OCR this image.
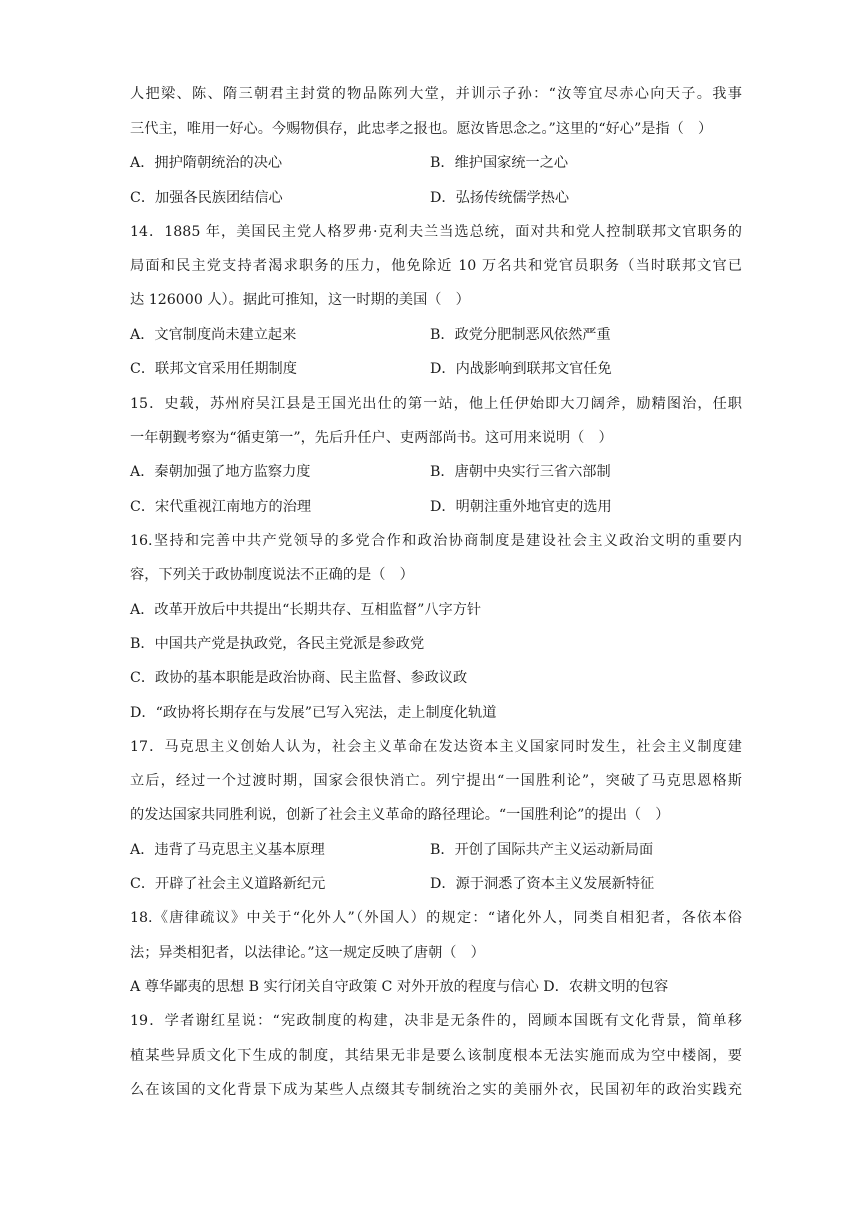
人把梁、陈、隋三朝君主封赏的物品陈列大堂，并训示子孙：“汝等宜尽赤心向天子。我事
三代主，唯用一好心。今赐物俱存，此忠孝之报也。愿汝皆思念之。”这里的“好心”是指（　）
A．拥护隋朝统治的决心	B．维护国家统一之心
C．加强各民族团结信心	D．弘扬传统儒学热心
14．1885 年，美国民主党人格罗弗·克利夫兰当选总统，面对共和党人控制联邦文官职务的
局面和民主党支持者渴求职务的压力，他免除近 10 万名共和党官员职务（当时联邦文官已
达 126000 人）。据此可推知，这一时期的美国（　）
A．文官制度尚未建立起来	B．政党分肥制恶风依然严重
C．联邦文官采用任期制度	D．内战影响到联邦文官任免
15．史载，苏州府吴江县是王国光出仕的第一站，他上任伊始即大刀阔斧，励精图治，任职
一年朝觐考察为“循吏第一”，先后升任户、吏两部尚书。这可用来说明（　）
A．秦朝加强了地方监察力度	B．唐朝中央实行三省六部制
C．宋代重视江南地方的治理	D．明朝注重外地官吏的选用
16.坚持和完善中共产党领导的多党合作和政治协商制度是建设社会主义政治文明的重要内
容，下列关于政协制度说法不正确的是（　）
A．改革开放后中共提出“长期共存、互相监督”八字方针
B．中国共产党是执政党，各民主党派是参政党
C．政协的基本职能是政治协商、民主监督、参政议政
D．“政协将长期存在与发展”已写入宪法，走上制度化轨道
17．马克思主义创始人认为，社会主义革命在发达资本主义国家同时发生，社会主义制度建
立后，经过一个过渡时期，国家会很快消亡。列宁提出“一国胜利论”，突破了马克思恩格斯
的发达国家共同胜利说，创新了社会主义革命的路径理论。“一国胜利论”的提出（　）
A．违背了马克思主义基本原理	B．开创了国际共产主义运动新局面
C．开辟了社会主义道路新纪元	D．源于洞悉了资本主义发展新特征
18.《唐律疏议》中关于“化外人”（外国人）的规定：“诸化外人，同类自相犯者，各依本俗
法；异类相犯者，以法律论。”这一规定反映了唐朝（　）
A 尊华鄙夷的思想 B 实行闭关自守政策 C 对外开放的程度与信心 D．农耕文明的包容
19．学者谢红星说：“宪政制度的构建，决非是无条件的，罔顾本国既有文化背景，简单移
植某些异质文化下生成的制度，其结果无非是要么该制度根本无法实施而成为空中楼阁，要
么在该国的文化背景下成为某些人点缀其专制统治之实的美丽外衣，民国初年的政治实践充
